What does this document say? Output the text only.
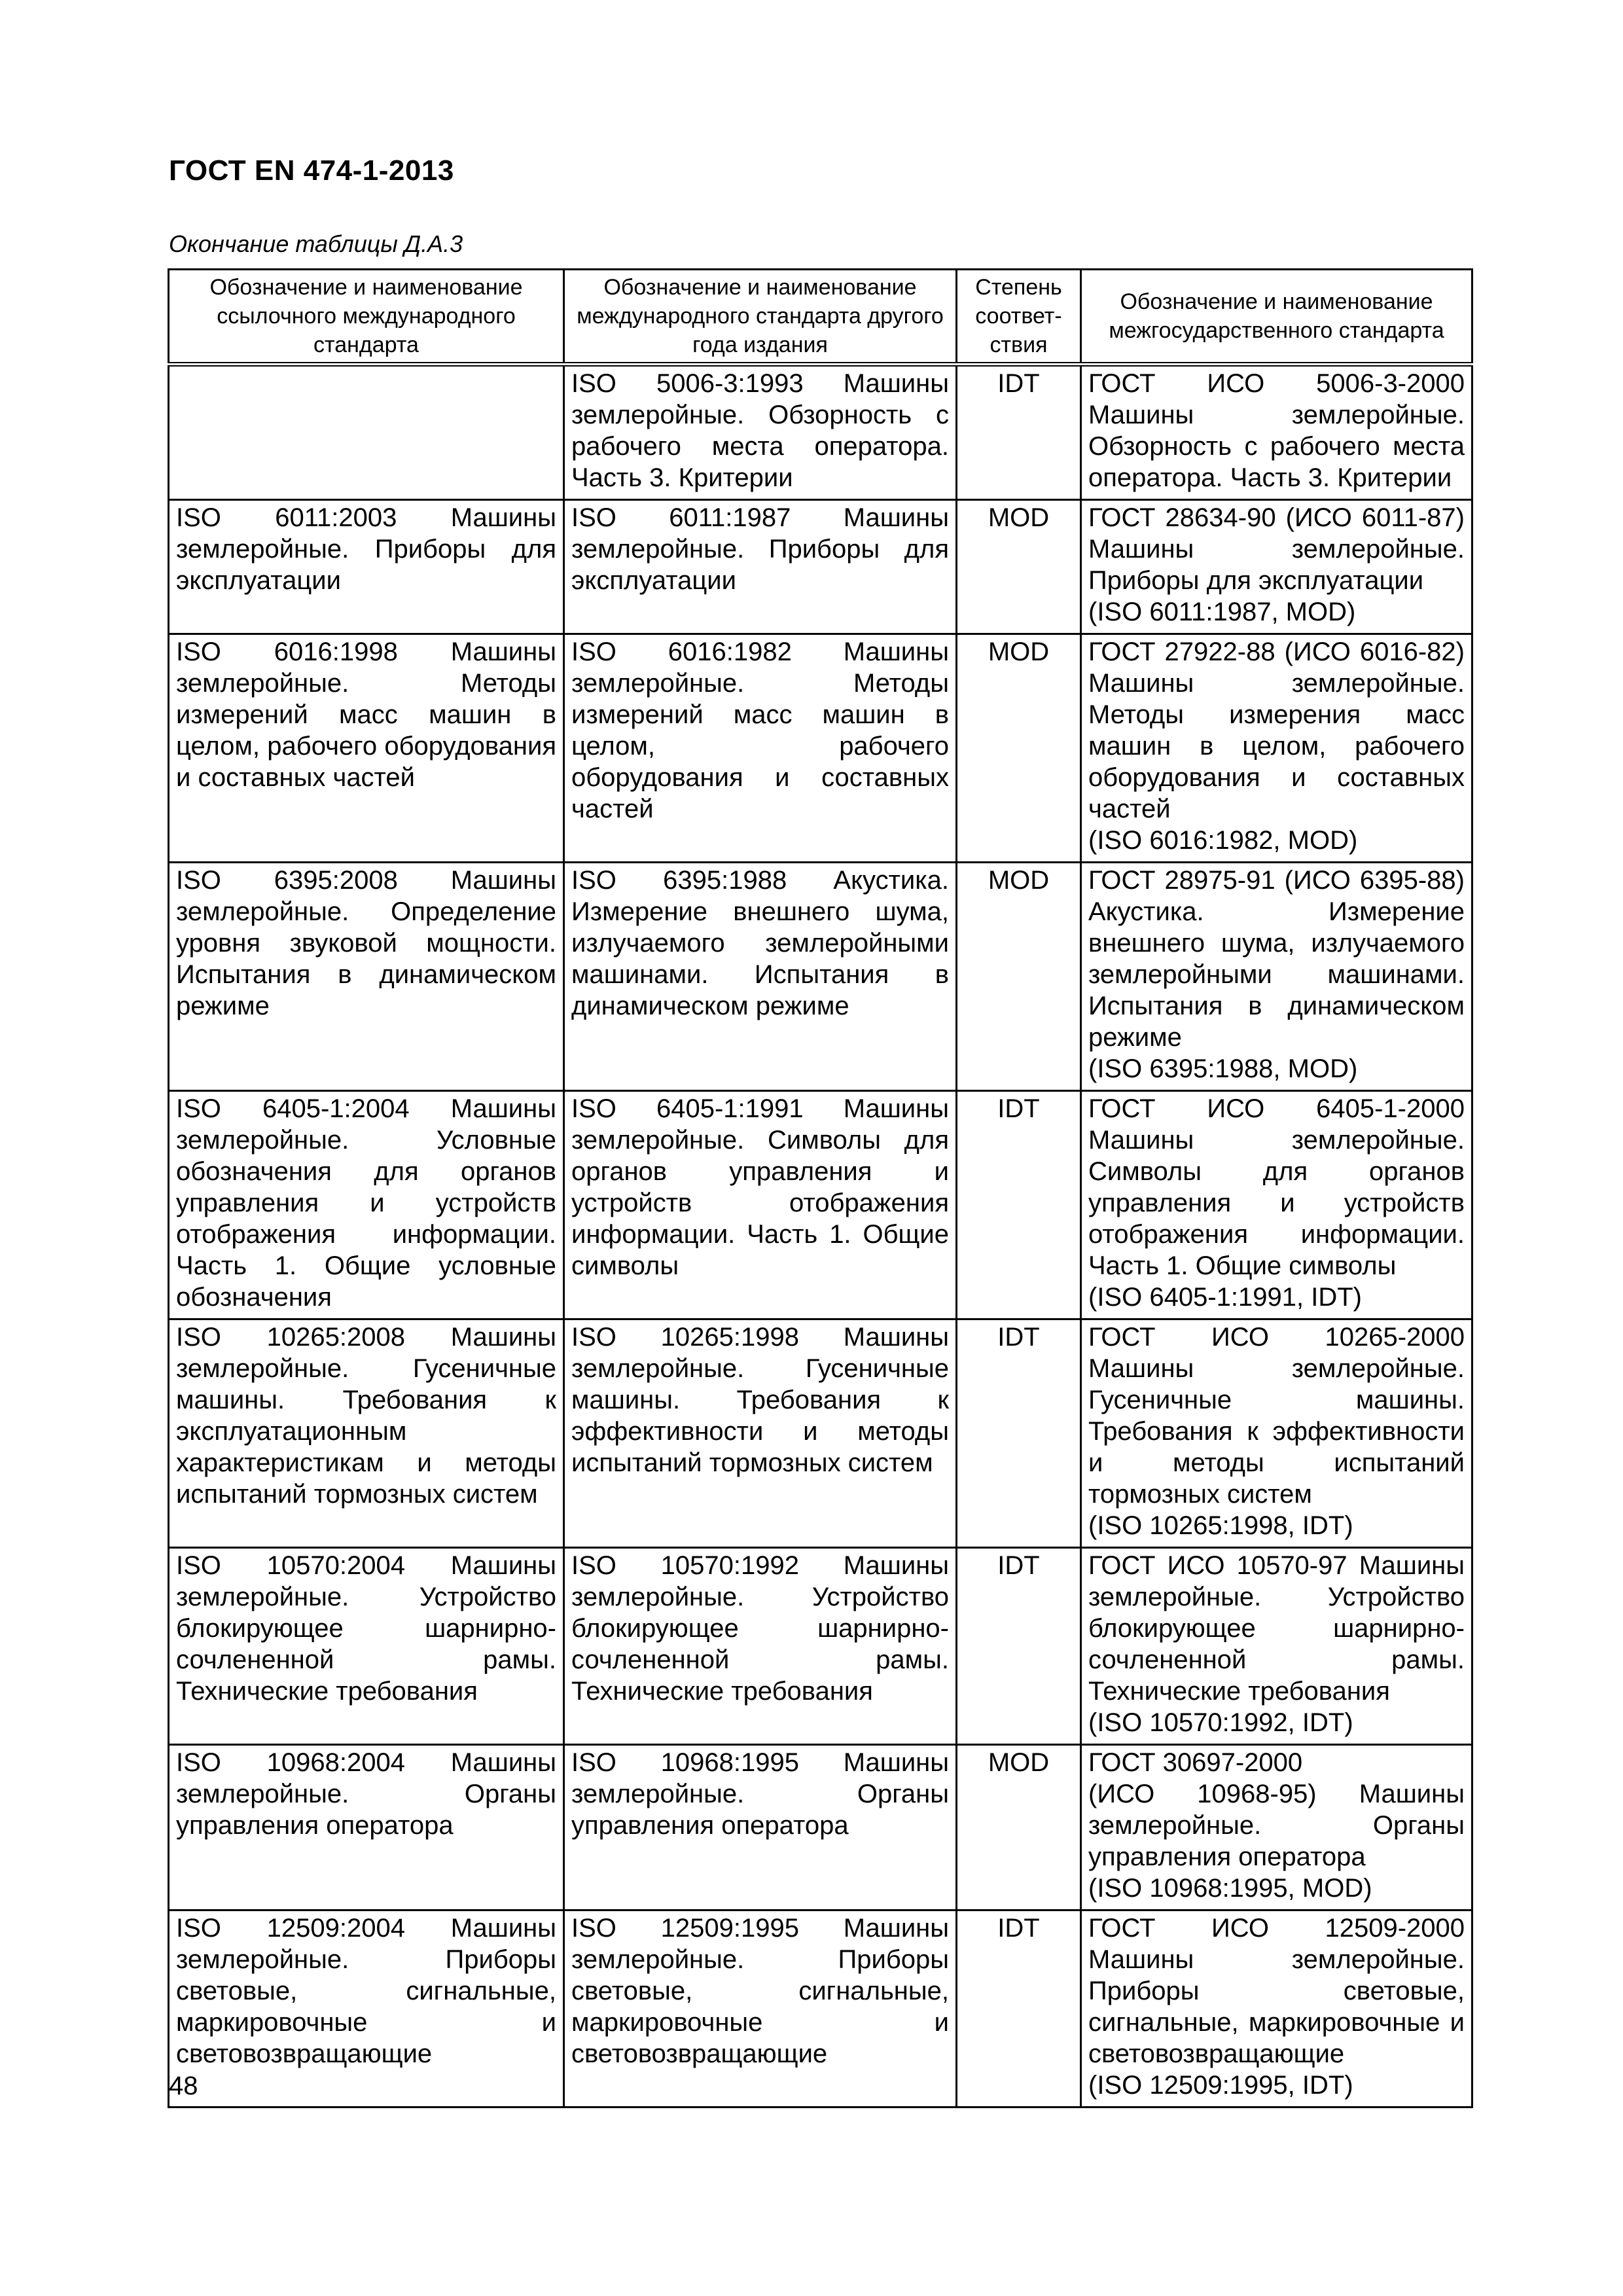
ГОСТ EN 474-1-2013
Окончание таблицы Д.А.3
Обозначение и наименование ссылочного международного стандарта	Обозначение и наименование международного стандарта другого года издания	Степень соответ-ствия	Обозначение и наименование межгосударственного стандарта
	ISO 5006-3:1993 Машины землеройные. Обзорность с рабочего места оператора. Часть 3. Критерии	IDT	ГОСТ ИСО 5006-3-2000 Машины землеройные. Обзорность с рабочего места оператора. Часть 3. Критерии
ISO 6011:2003 Машины землеройные. Приборы для эксплуатации	ISO 6011:1987 Машины землеройные. Приборы для эксплуатации	MOD	ГОСТ 28634-90 (ИСО 6011-87) Машины землеройные. Приборы для эксплуатации
(ISO 6011:1987, MOD)

ISO 6016:1998 Машины землеройные. Методы измерений масс машин в целом, рабочего оборудования и составных частей	ISO 6016:1982 Машины землеройные. Методы измерений масс машин в целом, рабочего оборудования и составных частей	MOD	ГОСТ 27922-88 (ИСО 6016-82) Машины землеройные. Методы измерения масс машин в целом, рабочего оборудования и составных частей
(ISO 6016:1982, MOD)

ISO 6395:2008 Машины землеройные. Определение уровня звуковой мощности. Испытания в динамическом режиме	ISO 6395:1988 Акустика. Измерение внешнего шума, излучаемого землеройными машинами. Испытания в динамическом режиме	MOD	ГОСТ 28975-91 (ИСО 6395-88) Акустика. Измерение внешнего шума, излучаемого землеройными машинами. Испытания в динамическом режиме
(ISO 6395:1988, MOD)

ISO 6405-1:2004 Машины землеройные. Условные обозначения для органов управления и устройств отображения информации. Часть 1. Общие условные обозначения	ISO 6405-1:1991 Машины землеройные. Символы для органов управления и устройств отображения информации. Часть 1. Общие символы	IDT	ГОСТ ИСО 6405-1-2000 Машины землеройные. Символы для органов управления и устройств отображения информации. Часть 1. Общие символы
(ISO 6405-1:1991, IDT)

ISO 10265:2008 Машины землеройные. Гусеничные машины. Требования к эксплуатационным характеристикам и методы испытаний тормозных систем	ISO 10265:1998 Машины землеройные. Гусеничные машины. Требования к эффективности и методы испытаний тормозных систем	IDT	ГОСТ ИСО 10265-2000 Машины землеройные. Гусеничные машины. Требования к эффективности и методы испытаний тормозных систем
(ISO 10265:1998, IDT)

ISO 10570:2004 Машины землеройные. Устройство блокирующее шарнирно-сочлененной рамы. Технические требования	ISO 10570:1992 Машины землеройные. Устройство блокирующее шарнирно-сочлененной рамы. Технические требования	IDT	ГОСТ ИСО 10570-97 Машины землеройные. Устройство блокирующее шарнирно-сочлененной рамы. Технические требования
(ISO 10570:1992, IDT)

ISO 10968:2004 Машины землеройные. Органы управления оператора	ISO 10968:1995 Машины землеройные. Органы управления оператора	MOD	ГОСТ 30697-2000
(ИСО 10968-95) Машины землеройные. Органы управления оператора
(ISO 10968:1995, MOD)

ISO 12509:2004 Машины землеройные. Приборы световые, сигнальные, маркировочные и световозвращающие	ISO 12509:1995 Машины землеройные. Приборы световые, сигнальные, маркировочные и световозвращающие	IDT	ГОСТ ИСО 12509-2000 Машины землеройные. Приборы световые, сигнальные, маркировочные и световозвращающие
(ISO 12509:1995, IDT)
48
